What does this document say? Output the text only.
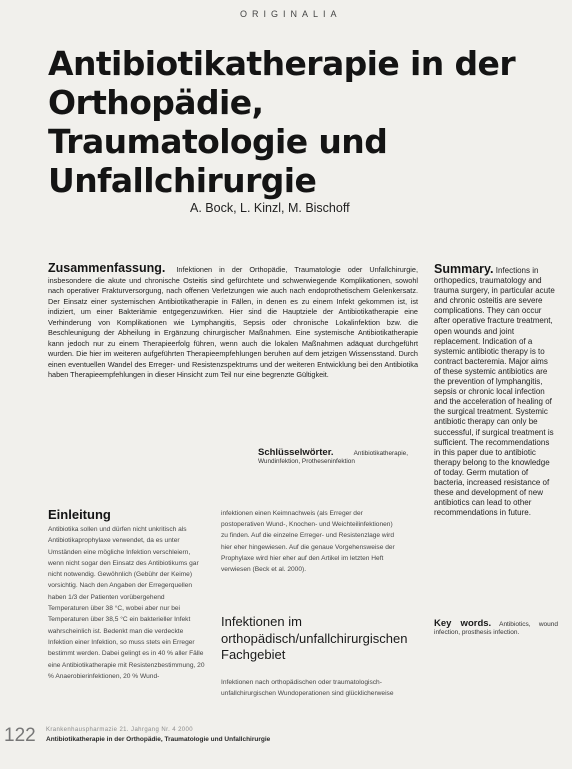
ORIGINALIA
Antibiotikatherapie in der Orthopädie, Traumatologie und Unfallchirurgie
A. Bock, L. Kinzl, M. Bischoff

Zusammenfassung. Infektionen in der Orthopädie, Traumatologie oder Unfallchirurgie, insbesondere die akute und chronische Osteitis sind gefürchtete und schwerwiegende Komplikationen, sowohl nach operativer Frakturversorgung, nach offenen Verletzungen wie auch nach endoprothetischem Gelenkersatz. Der Einsatz einer systemischen Antibiotikatherapie in Fällen, in denen es zu einem Infekt gekommen ist, ist indiziert, um einer Bakteriämie entgegenzuwirken. Hier sind die Hauptziele der Antibiotikatherapie eine Verhinderung von Komplikationen wie Lymphangitis, Sepsis oder chronische Lokalinfektion bzw. die Beschleunigung der Abheilung in Ergänzung chirurgischer Maßnahmen. Eine systemische Antibiotikatherapie kann jedoch nur zu einem Therapieerfolg führen, wenn auch die lokalen Maßnahmen adäquat durchgeführt wurden. Die hier im weiteren aufgeführten Therapieempfehlungen beruhen auf dem jetzigen Wissensstand. Durch einen eventuellen Wandel des Erreger- und Resistenzspektrums und der weiteren Entwicklung bei den Antibiotika haben Therapieempfehlungen in dieser Hinsicht zum Teil nur eine begrenzte Gültigkeit.

Schlüsselwörter.	Antibiotikatherapie, Wundinfektion, Protheseninfektion

Summary. Infections in orthopedics, traumatology and trauma surgery, in particular acute and chronic osteitis are severe complications. They can occur after operative fracture treatment, open wounds and joint replacement. Indication of a systemic antibiotic therapy is to contract bacteremia. Major aims of these systemic antibiotics are the prevention of lymphangitis, sepsis or chronic local infection and the acceleration of healing of the surgical treatment. Systemic antibiotic therapy can only be successful, if surgical treatment is sufficient. The recommendations in this paper due to antibiotic therapy belong to the knowledge of today. Germ mutation of bacteria, increased resistance of these and development of new antibiotics can lead to other recommendations in future.

Key words. Antibiotics, wound infection, prosthesis infection.

Einleitung

Antibiotika sollen und dürfen nicht unkritisch als Antibiotikaprophylaxe verwendet, da es unter Umständen eine mögliche Infektion verschleiern, wenn nicht sogar den Einsatz des Antibiotikums gar nicht notwendig. Gewöhnlich (Gebühr der Keime) vorsichtig. Nach den Angaben der Erregerquellen haben 1/3 der Patienten vorübergehend Temperaturen über 38 °C, wobei aber nur bei Temperaturen über 38,5 °C ein bakterieller Infekt wahrscheinlich ist. Bedenkt man die verdeckte Infektion einer Infektion, so muss stets ein Erreger bestimmt werden. Dabei gelingt es in 40 % aller Fälle eine Antibiotikatherapie mit Resistenzbestimmung, 20 % Anaerobierinfektionen, 20 % Wund-

infektionen einen Keimnachweis (als Erreger der postoperativen Wund-, Knochen- und Weichteilinfektionen) zu finden. Auf die einzelne Erreger- und Resistenzlage wird hier eher hingewiesen. Auf die genaue Vorgehensweise der Prophylaxe wird hier eher auf den Artikel im letzten Heft verwiesen (Beck et al. 2000).

Infektionen im orthopädisch/unfallchirurgischen Fachgebiet

Infektionen nach orthopädischen oder traumatologisch-unfallchirurgischen Wundoperationen sind glücklicherweise

122 Krankenhauspharmazie 21. Jahrgang Nr. 4 2000
Antibiotikatherapie in der Orthopädie, Traumatologie und Unfallchirurgie
